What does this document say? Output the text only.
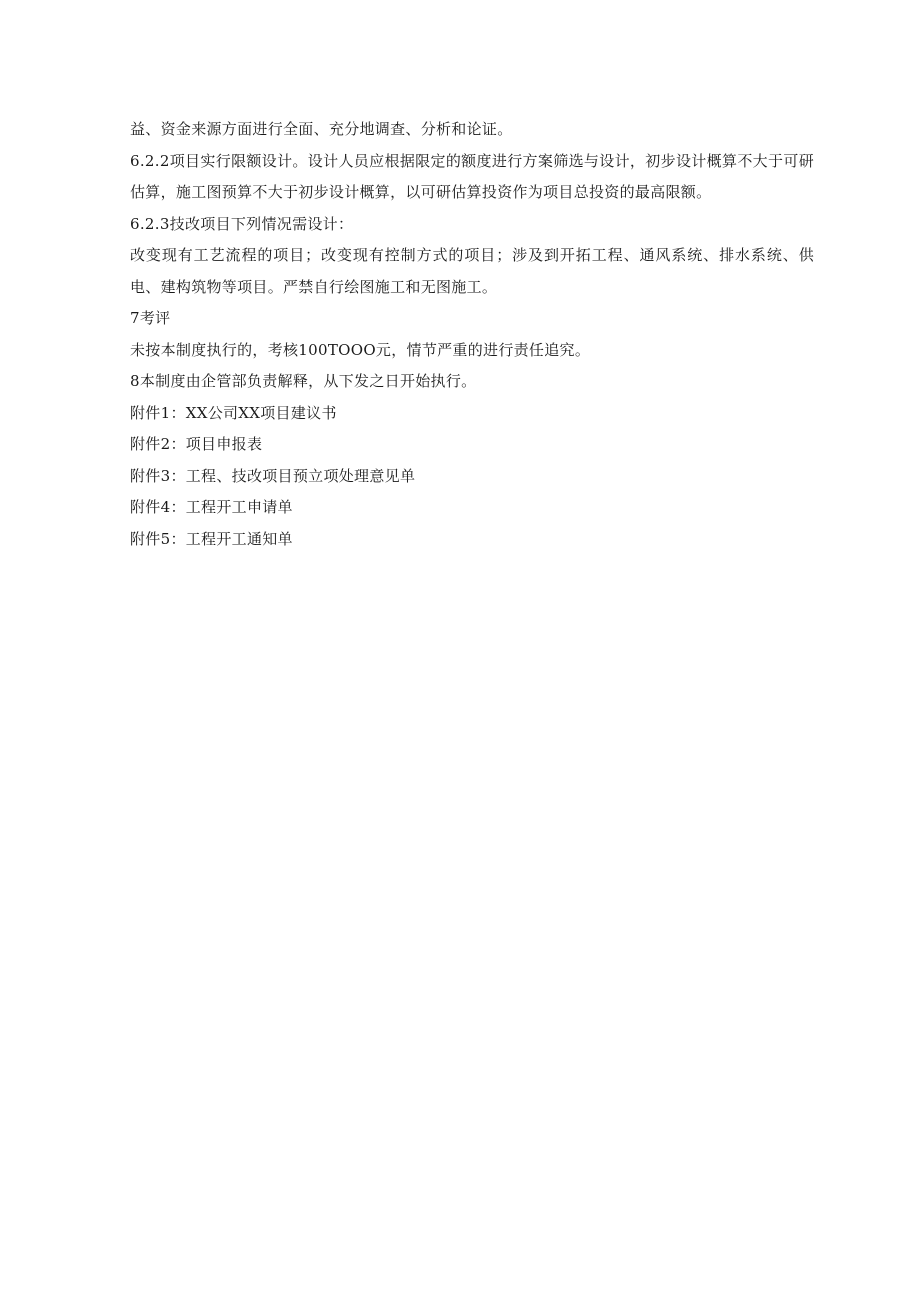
益、资金来源方面进行全面、充分地调查、分析和论证。

6.2.2项目实行限额设计。设计人员应根据限定的额度进行方案筛选与设计，初步设计概算不大于可研估算，施工图预算不大于初步设计概算，以可研估算投资作为项目总投资的最高限额。

6.2.3技改项目下列情况需设计：

改变现有工艺流程的项目；改变现有控制方式的项目；涉及到开拓工程、通风系统、排水系统、供电、建构筑物等项目。严禁自行绘图施工和无图施工。

7考评

未按本制度执行的，考核100TOOO元，情节严重的进行责任追究。

8本制度由企管部负责解释，从下发之日开始执行。

附件1：XX公司XX项目建议书

附件2：项目申报表

附件3：工程、技改项目预立项处理意见单

附件4：工程开工申请单

附件5：工程开工通知单
